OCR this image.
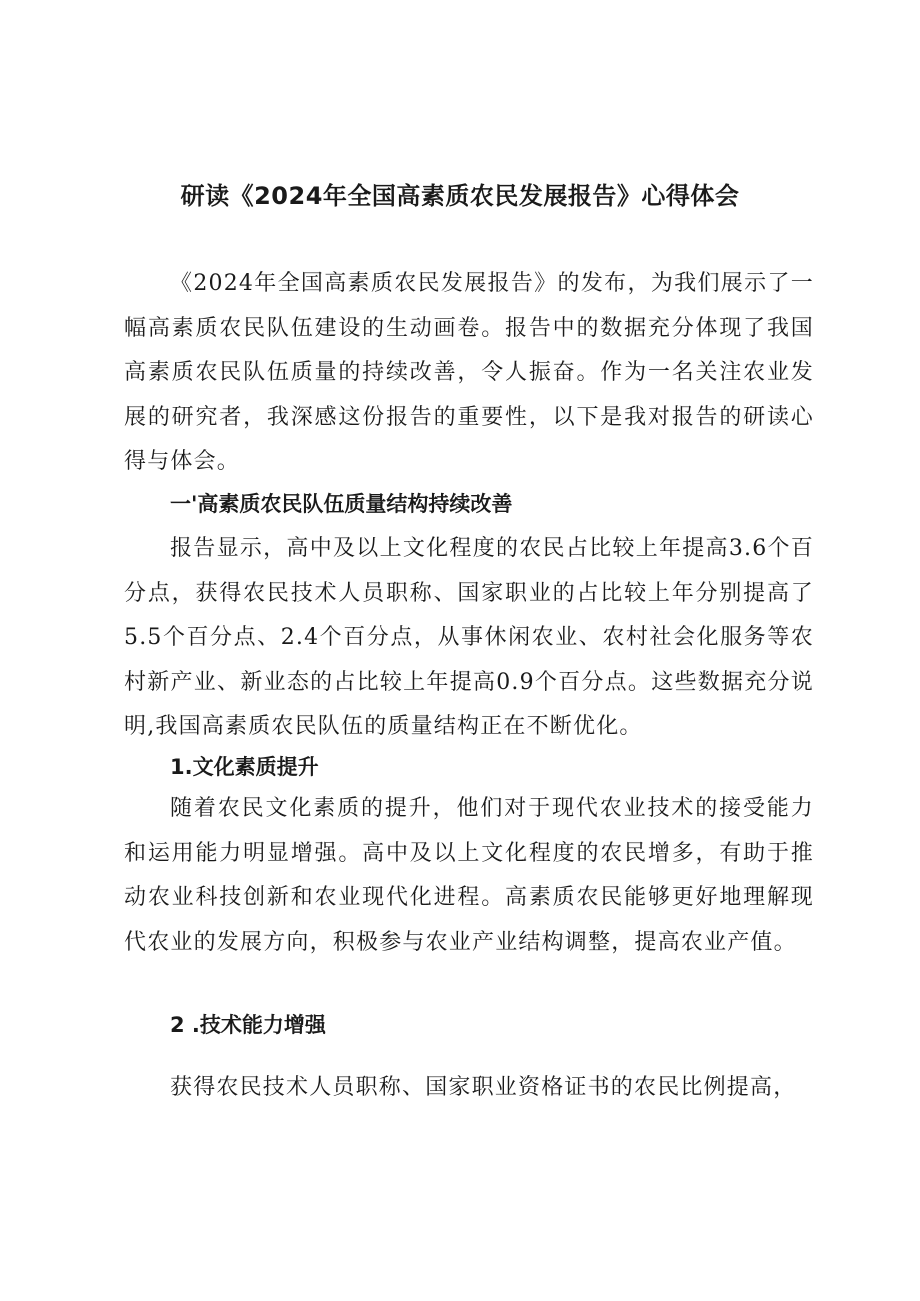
研读《2024年全国高素质农民发展报告》心得体会

《2024年全国高素质农民发展报告》的发布，为我们展示了一幅高素质农民队伍建设的生动画卷。报告中的数据充分体现了我国高素质农民队伍质量的持续改善，令人振奋。作为一名关注农业发展的研究者，我深感这份报告的重要性，以下是我对报告的研读心得与体会。

一'高素质农民队伍质量结构持续改善

报告显示，高中及以上文化程度的农民占比较上年提高3.6个百分点，获得农民技术人员职称、国家职业的占比较上年分别提高了5.5个百分点、2.4个百分点，从事休闲农业、农村社会化服务等农村新产业、新业态的占比较上年提高0.9个百分点。这些数据充分说明,我国高素质农民队伍的质量结构正在不断优化。

1.文化素质提升

随着农民文化素质的提升，他们对于现代农业技术的接受能力和运用能力明显增强。高中及以上文化程度的农民增多，有助于推动农业科技创新和农业现代化进程。高素质农民能够更好地理解现代农业的发展方向，积极参与农业产业结构调整，提高农业产值。

2 .技术能力增强

获得农民技术人员职称、国家职业资格证书的农民比例提高，
